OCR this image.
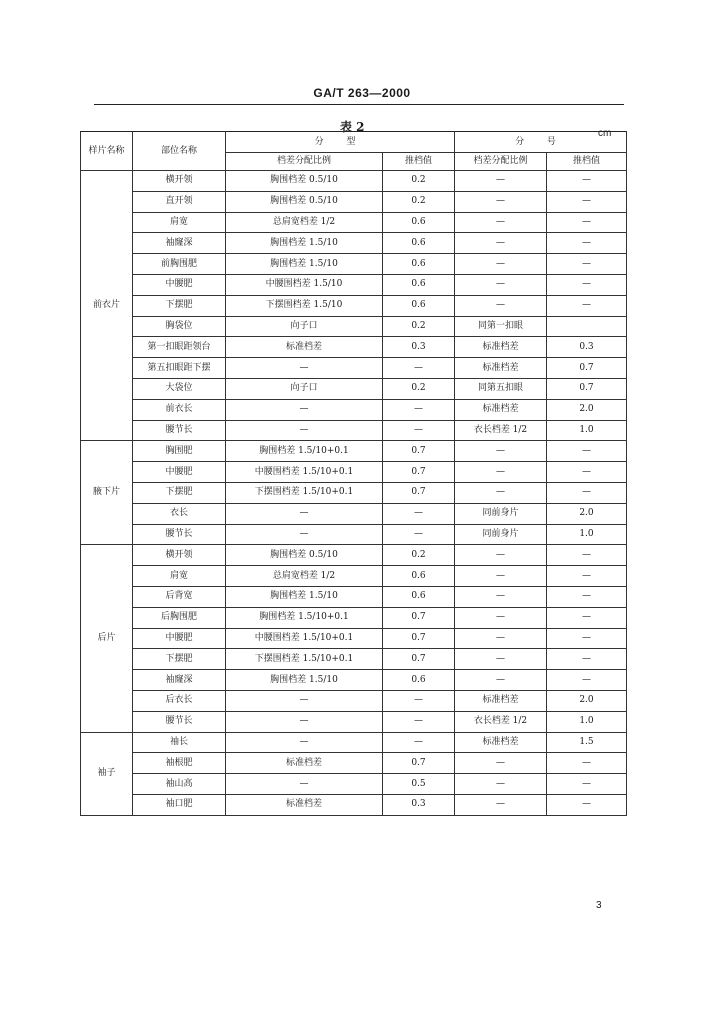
GA/T 263—2000
表 2	cm
样片名称	部位名称	分 型		分 号	
		档差分配比例	推档值	档差分配比例	推档值
前衣片	横开领	胸围档差 0.5/10	0.2	—	—
	直开领	胸围档差 0.5/10	0.2	—	—
	肩宽	总肩宽档差 1/2	0.6	—	—
	袖窿深	胸围档差 1.5/10	0.6	—	—
	前胸围肥	胸围档差 1.5/10	0.6	—	—
	中腰肥	中腰围档差 1.5/10	0.6	—	—
	下摆肥	下摆围档差 1.5/10	0.6	—	—
	胸袋位	向子口	0.2	同第一扣眼	
	第一扣眼距领台	标准档差	0.3	标准档差	0.3
	第五扣眼距下摆	—	—	标准档差	0.7
	大袋位	向子口	0.2	同第五扣眼	0.7
	前衣长	—	—	标准档差	2.0
	腰节长	—	—	衣长档差 1/2	1.0
腋下片	胸围肥	胸围档差 1.5/10+0.1	0.7	—	—
	中腰肥	中腰围档差 1.5/10+0.1	0.7	—	—
	下摆肥	下摆围档差 1.5/10+0.1	0.7	—	—
	衣长	—	—	同前身片	2.0
	腰节长	—	—	同前身片	1.0
后片	横开领	胸围档差 0.5/10	0.2	—	—
	肩宽	总肩宽档差 1/2	0.6	—	—
	后背宽	胸围档差 1.5/10	0.6	—	—
	后胸围肥	胸围档差 1.5/10+0.1	0.7	—	—
	中腰肥	中腰围档差 1.5/10+0.1	0.7	—	—
	下摆肥	下摆围档差 1.5/10+0.1	0.7	—	—
	袖窿深	胸围档差 1.5/10	0.6	—	—
	后衣长	—	—	标准档差	2.0
	腰节长	—	—	衣长档差 1/2	1.0
袖子	袖长	—	—	标准档差	1.5
	袖根肥	标准档差	0.7	—	—
	袖山高	—	0.5	—	—
	袖口肥	标准档差	0.3	—	—
3
